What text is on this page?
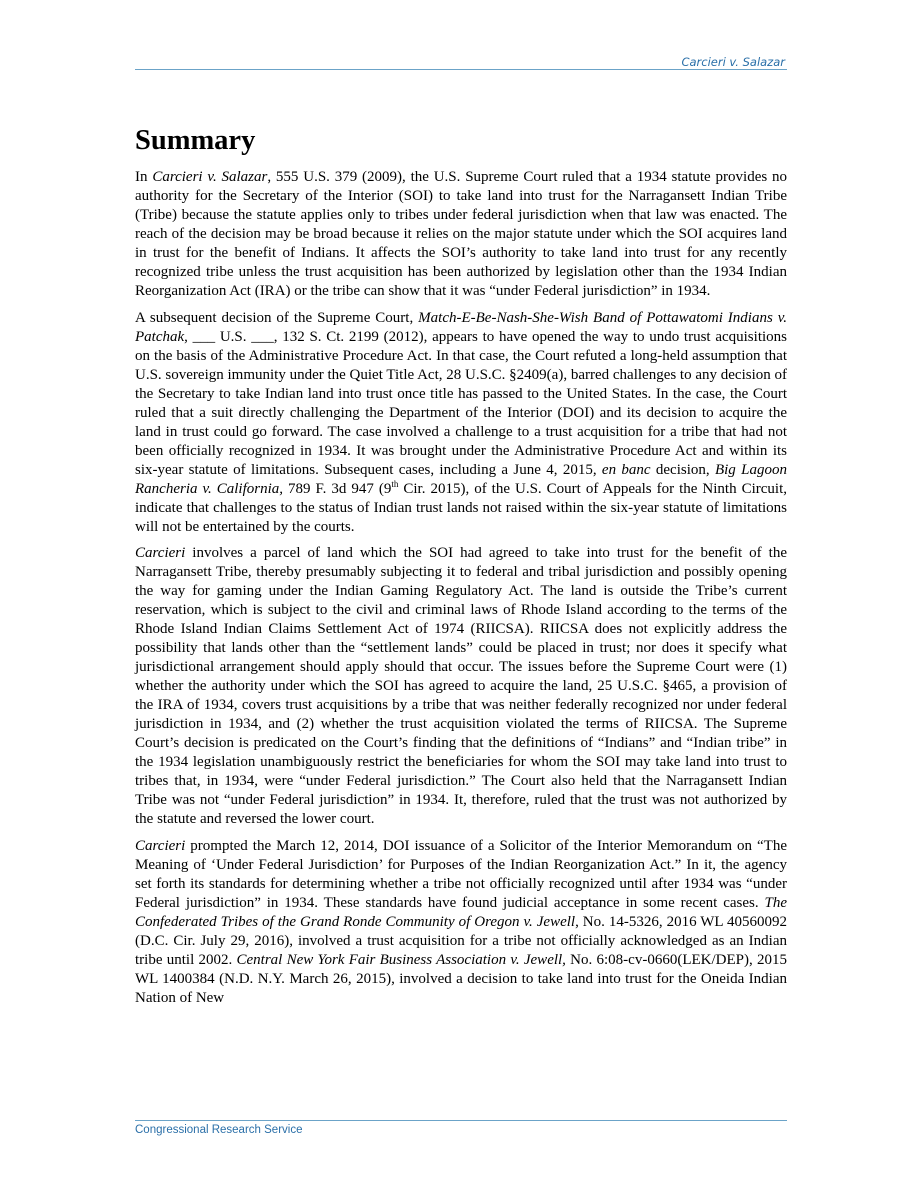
Carcieri v. Salazar
Summary

In Carcieri v. Salazar, 555 U.S. 379 (2009), the U.S. Supreme Court ruled that a 1934 statute provides no authority for the Secretary of the Interior (SOI) to take land into trust for the Narragansett Indian Tribe (Tribe) because the statute applies only to tribes under federal jurisdiction when that law was enacted. The reach of the decision may be broad because it relies on the major statute under which the SOI acquires land in trust for the benefit of Indians. It affects the SOI’s authority to take land into trust for any recently recognized tribe unless the trust acquisition has been authorized by legislation other than the 1934 Indian Reorganization Act (IRA) or the tribe can show that it was “under Federal jurisdiction” in 1934.

A subsequent decision of the Supreme Court, Match-E-Be-Nash-She-Wish Band of Pottawatomi Indians v. Patchak, ___ U.S. ___, 132 S. Ct. 2199 (2012), appears to have opened the way to undo trust acquisitions on the basis of the Administrative Procedure Act. In that case, the Court refuted a long-held assumption that U.S. sovereign immunity under the Quiet Title Act, 28 U.S.C. §2409(a), barred challenges to any decision of the Secretary to take Indian land into trust once title has passed to the United States. In the case, the Court ruled that a suit directly challenging the Department of the Interior (DOI) and its decision to acquire the land in trust could go forward. The case involved a challenge to a trust acquisition for a tribe that had not been officially recognized in 1934. It was brought under the Administrative Procedure Act and within its six-year statute of limitations. Subsequent cases, including a June 4, 2015, en banc decision, Big Lagoon Rancheria v. California, 789 F. 3d 947 (9th Cir. 2015), of the U.S. Court of Appeals for the Ninth Circuit, indicate that challenges to the status of Indian trust lands not raised within the six-year statute of limitations will not be entertained by the courts.

Carcieri involves a parcel of land which the SOI had agreed to take into trust for the benefit of the Narragansett Tribe, thereby presumably subjecting it to federal and tribal jurisdiction and possibly opening the way for gaming under the Indian Gaming Regulatory Act. The land is outside the Tribe’s current reservation, which is subject to the civil and criminal laws of Rhode Island according to the terms of the Rhode Island Indian Claims Settlement Act of 1974 (RIICSA). RIICSA does not explicitly address the possibility that lands other than the “settlement lands” could be placed in trust; nor does it specify what jurisdictional arrangement should apply should that occur. The issues before the Supreme Court were (1) whether the authority under which the SOI has agreed to acquire the land, 25 U.S.C. §465, a provision of the IRA of 1934, covers trust acquisitions by a tribe that was neither federally recognized nor under federal jurisdiction in 1934, and (2) whether the trust acquisition violated the terms of RIICSA. The Supreme Court’s decision is predicated on the Court’s finding that the definitions of “Indians” and “Indian tribe” in the 1934 legislation unambiguously restrict the beneficiaries for whom the SOI may take land into trust to tribes that, in 1934, were “under Federal jurisdiction.” The Court also held that the Narragansett Indian Tribe was not “under Federal jurisdiction” in 1934. It, therefore, ruled that the trust was not authorized by the statute and reversed the lower court.

Carcieri prompted the March 12, 2014, DOI issuance of a Solicitor of the Interior Memorandum on “The Meaning of ‘Under Federal Jurisdiction’ for Purposes of the Indian Reorganization Act.” In it, the agency set forth its standards for determining whether a tribe not officially recognized until after 1934 was “under Federal jurisdiction” in 1934. These standards have found judicial acceptance in some recent cases. The Confederated Tribes of the Grand Ronde Community of Oregon v. Jewell, No. 14-5326, 2016 WL 40560092 (D.C. Cir. July 29, 2016), involved a trust acquisition for a tribe not officially acknowledged as an Indian tribe until 2002. Central New York Fair Business Association v. Jewell, No. 6:08-cv-0660(LEK/DEP), 2015 WL 1400384 (N.D. N.Y. March 26, 2015), involved a decision to take land into trust for the Oneida Indian Nation of New

Congressional Research Service
